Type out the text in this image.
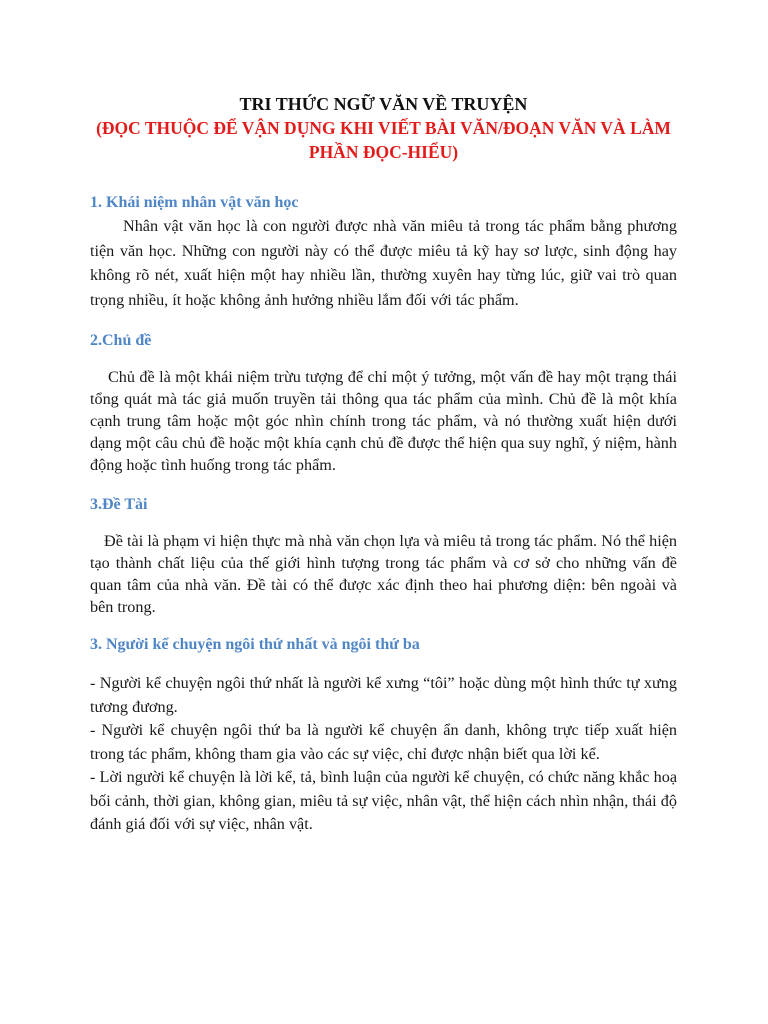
TRI THỨC NGỮ VĂN VỀ TRUYỆN

(ĐỌC THUỘC ĐỂ VẬN DỤNG KHI VIẾT BÀI VĂN/ĐOẠN VĂN VÀ LÀM PHẦN ĐỌC-HIỂU)

1. Khái niệm nhân vật văn học

Nhân vật văn học là con người được nhà văn miêu tả trong tác phẩm bằng phương tiện văn học. Những con người này có thể được miêu tả kỹ hay sơ lược, sinh động hay không rõ nét, xuất hiện một hay nhiều lần, thường xuyên hay từng lúc, giữ vai trò quan trọng nhiều, ít hoặc không ảnh hưởng nhiều lắm đối với tác phẩm.

2.Chủ đề

Chủ đề là một khái niệm trừu tượng để chỉ một ý tưởng, một vấn đề hay một trạng thái tổng quát mà tác giả muốn truyền tải thông qua tác phẩm của mình. Chủ đề là một khía cạnh trung tâm hoặc một góc nhìn chính trong tác phẩm, và nó thường xuất hiện dưới dạng một câu chủ đề hoặc một khía cạnh chủ đề được thể hiện qua suy nghĩ, ý niệm, hành động hoặc tình huống trong tác phẩm.

3.Đề Tài

Đề tài là phạm vi hiện thực mà nhà văn chọn lựa và miêu tả trong tác phẩm. Nó thể hiện tạo thành chất liệu của thế giới hình tượng trong tác phẩm và cơ sở cho những vấn đề quan tâm của nhà văn. Đề tài có thể được xác định theo hai phương diện: bên ngoài và bên trong.

3. Người kể chuyện ngôi thứ nhất và ngôi thứ ba

- Người kể chuyện ngôi thứ nhất là người kể xưng “tôi” hoặc dùng một hình thức tự xưng tương đương.

- Người kể chuyện ngôi thứ ba là người kể chuyện ẩn danh, không trực tiếp xuất hiện trong tác phẩm, không tham gia vào các sự việc, chỉ được nhận biết qua lời kể.

- Lời người kể chuyện là lời kể, tả, bình luận của người kể chuyện, có chức năng khắc hoạ bối cảnh, thời gian, không gian, miêu tả sự việc, nhân vật, thể hiện cách nhìn nhận, thái độ đánh giá đối với sự việc, nhân vật.
